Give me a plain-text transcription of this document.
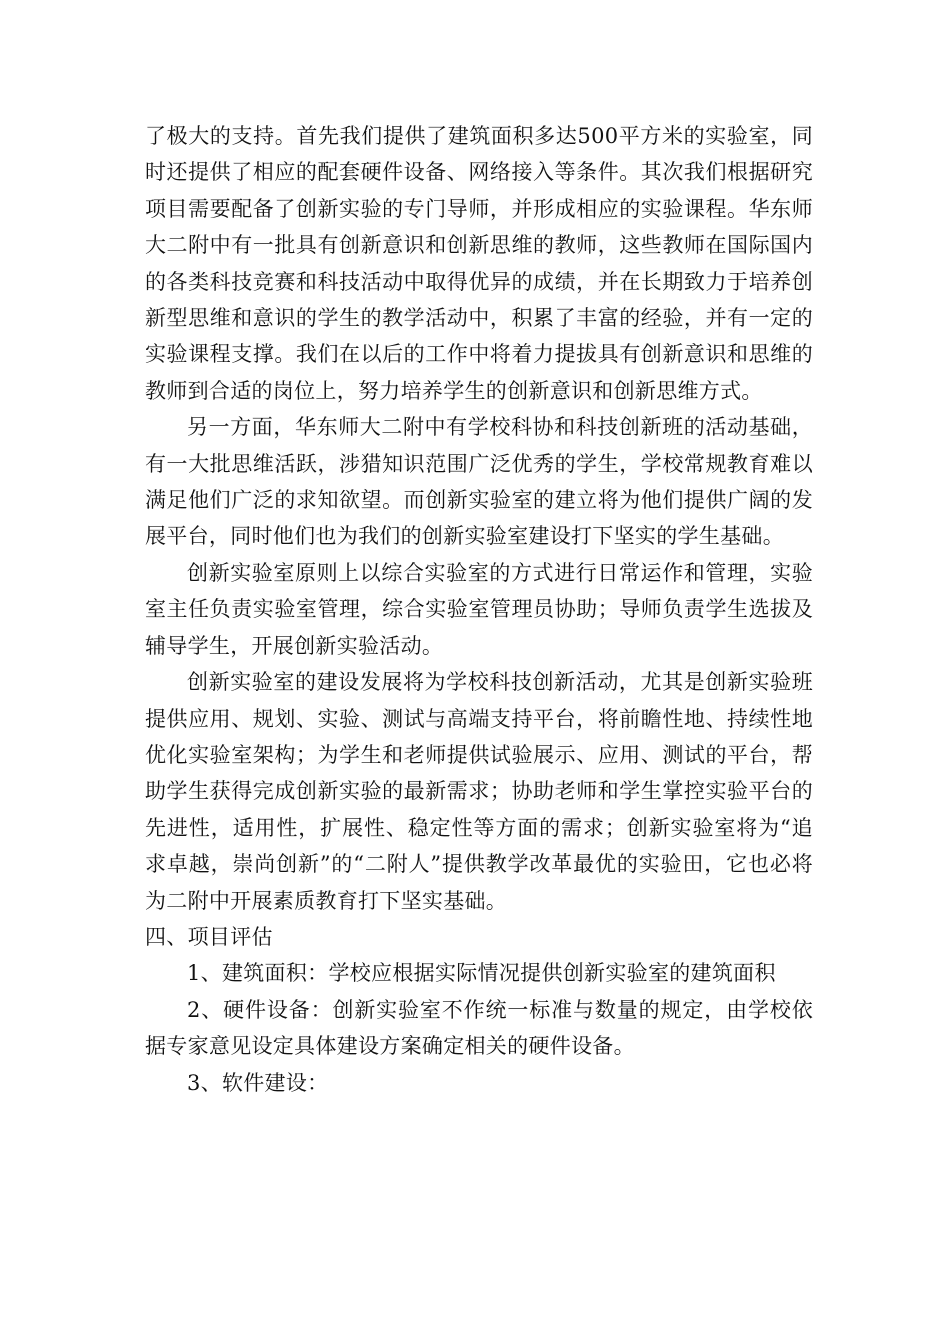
了极大的支持。首先我们提供了建筑面积多达500平方米的实验室，同时还提供了相应的配套硬件设备、网络接入等条件。其次我们根据研究项目需要配备了创新实验的专门导师，并形成相应的实验课程。华东师大二附中有一批具有创新意识和创新思维的教师，这些教师在国际国内的各类科技竞赛和科技活动中取得优异的成绩，并在长期致力于培养创新型思维和意识的学生的教学活动中，积累了丰富的经验，并有一定的实验课程支撑。我们在以后的工作中将着力提拔具有创新意识和思维的教师到合适的岗位上，努力培养学生的创新意识和创新思维方式。

另一方面，华东师大二附中有学校科协和科技创新班的活动基础，有一大批思维活跃，涉猎知识范围广泛优秀的学生，学校常规教育难以满足他们广泛的求知欲望。而创新实验室的建立将为他们提供广阔的发展平台，同时他们也为我们的创新实验室建设打下坚实的学生基础。

创新实验室原则上以综合实验室的方式进行日常运作和管理，实验室主任负责实验室管理，综合实验室管理员协助；导师负责学生选拔及辅导学生，开展创新实验活动。

创新实验室的建设发展将为学校科技创新活动，尤其是创新实验班提供应用、规划、实验、测试与高端支持平台，将前瞻性地、持续性地优化实验室架构；为学生和老师提供试验展示、应用、测试的平台，帮助学生获得完成创新实验的最新需求；协助老师和学生掌控实验平台的先进性，适用性，扩展性、稳定性等方面的需求；创新实验室将为“追求卓越，崇尚创新”的“二附人”提供教学改革最优的实验田，它也必将为二附中开展素质教育打下坚实基础。

四、项目评估

1、建筑面积：学校应根据实际情况提供创新实验室的建筑面积

2、硬件设备：创新实验室不作统一标准与数量的规定，由学校依据专家意见设定具体建设方案确定相关的硬件设备。

3、软件建设：
